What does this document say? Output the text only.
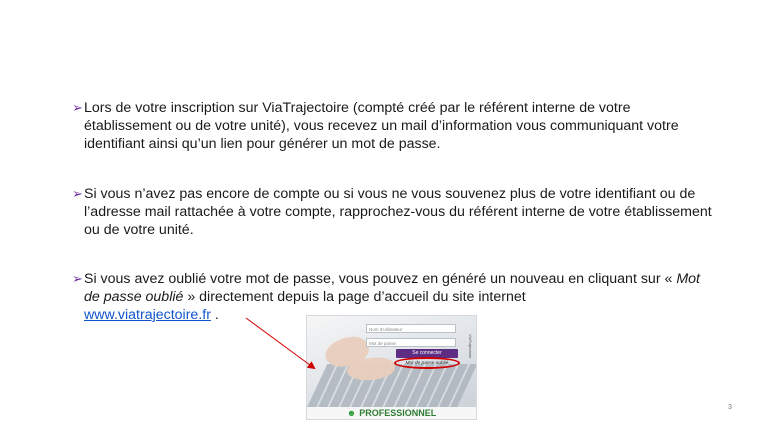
➢ Lors de votre inscription sur ViaTrajectoire (compté créé par le référent interne de votre établissement ou de votre unité), vous recevez un mail d’information vous communiquant votre identifiant ainsi qu’un lien pour générer un mot de passe.
➢ Si vous n’avez pas encore de compte ou si vous ne vous souvenez plus de votre identifiant ou de l’adresse mail rattachée à votre compte, rapprochez-vous du référent interne de votre établissement ou de votre unité.
➢ Si vous avez oublié votre mot de passe, vous pouvez en généré un nouveau en cliquant sur « Mot de passe oublié » directement depuis la page d’accueil du site internet
www.viatrajectoire.fr .
Nom d'utilisateur
Mot de passe
Se connecter
Mot de passe oublié
ViaTrajectoire
☻ PROFESSIONNEL
3
